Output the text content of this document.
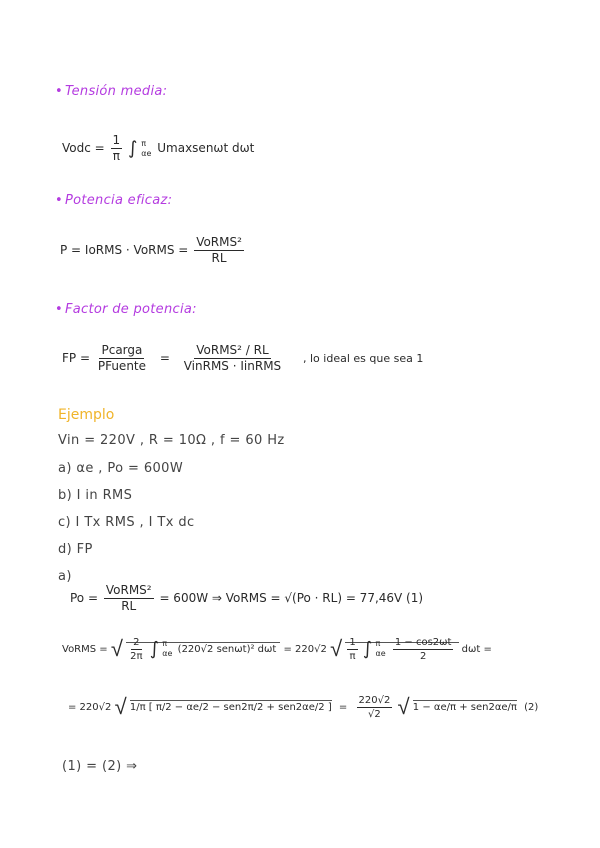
• Tensión media:
Vodc = $\frac{1}{\pi}$ ∫ π
αe Umaxsenωt dωt
• Potencia eficaz:
P = IoRMS · VoRMS = $\frac{\text{VoRMS²}}{RL}$
• Factor de potencia:
FP = $\frac{\text{Pcarga}}{\text{PFuente}} = \frac{\text{VoRMS² / RL}}{\text{VinRMS · IinRMS}}$ , lo ideal es que sea 1
Ejemplo
Vin = 220V , R = 10Ω , f = 60 Hz
a) αe , Po = 600W
b) I in RMS
c) I Tx RMS , I Tx dc
d) FP
a)
$Po = \frac{\text{VoRMS²}}{RL} = 600W$ ⇒ VoRMS = √(Po · RL) = 77,46V (1)
VoRMS = √ $\frac{2}{2\pi}$ ∫ π
αe (220√2 senωt)² dωt = 220√2 √ $\frac{1}{\pi}$ ∫ π
αe
$\frac{1 - \cos 2\omega t}{2}$ dωt =
= 220√2 √ 1/π [ π/2 − αe/2 − sen2π/2 + sen2αe/2 ] = $\frac{220√2}{√2}$ √ 1 − αe/π + sen2αe/π (2)
(1) = (2) ⇒
